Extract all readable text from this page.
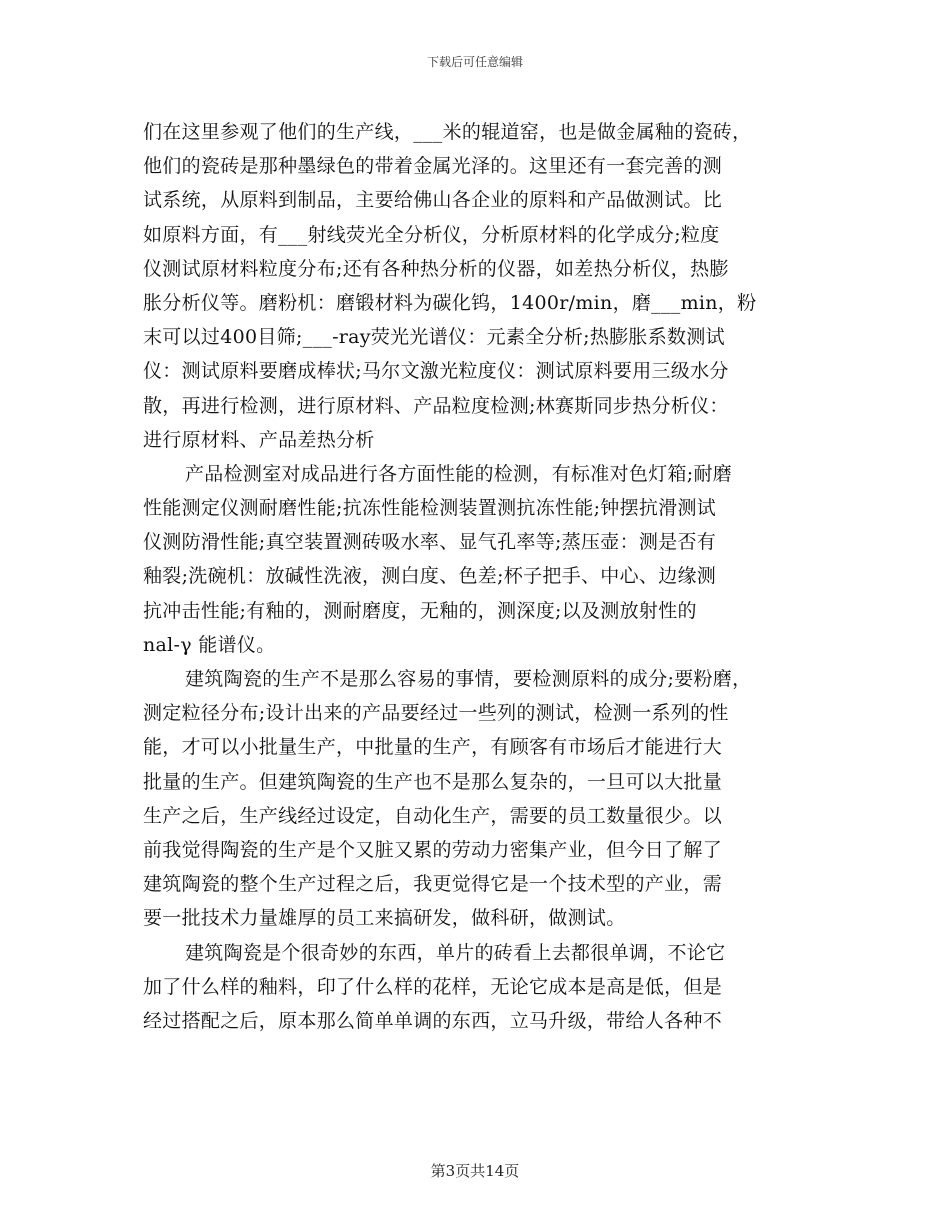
下载后可任意编辑
们在这里参观了他们的生产线，___米的辊道窑，也是做金属釉的瓷砖，
他们的瓷砖是那种墨绿色的带着金属光泽的。这里还有一套完善的测
试系统，从原料到制品，主要给佛山各企业的原料和产品做测试。比
如原料方面，有___射线荧光全分析仪，分析原材料的化学成分;粒度
仪测试原材料粒度分布;还有各种热分析的仪器，如差热分析仪，热膨
胀分析仪等。磨粉机：磨锻材料为碳化钨，1400r/min，磨___min，粉
末可以过400目筛;___-ray荧光光谱仪：元素全分析;热膨胀系数测试
仪：测试原料要磨成棒状;马尔文激光粒度仪：测试原料要用三级水分
散，再进行检测，进行原材料、产品粒度检测;林赛斯同步热分析仪：
进行原材料、产品差热分析
产品检测室对成品进行各方面性能的检测，有标准对色灯箱;耐磨
性能测定仪测耐磨性能;抗冻性能检测装置测抗冻性能;钟摆抗滑测试
仪测防滑性能;真空装置测砖吸水率、显气孔率等;蒸压壶：测是否有
釉裂;洗碗机：放碱性洗液，测白度、色差;杯子把手、中心、边缘测
抗冲击性能;有釉的，测耐磨度，无釉的，测深度;以及测放射性的
nal-γ 能谱仪。
建筑陶瓷的生产不是那么容易的事情，要检测原料的成分;要粉磨，
测定粒径分布;设计出来的产品要经过一些列的测试，检测一系列的性
能，才可以小批量生产，中批量的生产，有顾客有市场后才能进行大
批量的生产。但建筑陶瓷的生产也不是那么复杂的，一旦可以大批量
生产之后，生产线经过设定，自动化生产，需要的员工数量很少。以
前我觉得陶瓷的生产是个又脏又累的劳动力密集产业，但今日了解了
建筑陶瓷的整个生产过程之后，我更觉得它是一个技术型的产业，需
要一批技术力量雄厚的员工来搞研发，做科研，做测试。
建筑陶瓷是个很奇妙的东西，单片的砖看上去都很单调，不论它
加了什么样的釉料，印了什么样的花样，无论它成本是高是低，但是
经过搭配之后，原本那么简单单调的东西，立马升级，带给人各种不
第3页共14页
